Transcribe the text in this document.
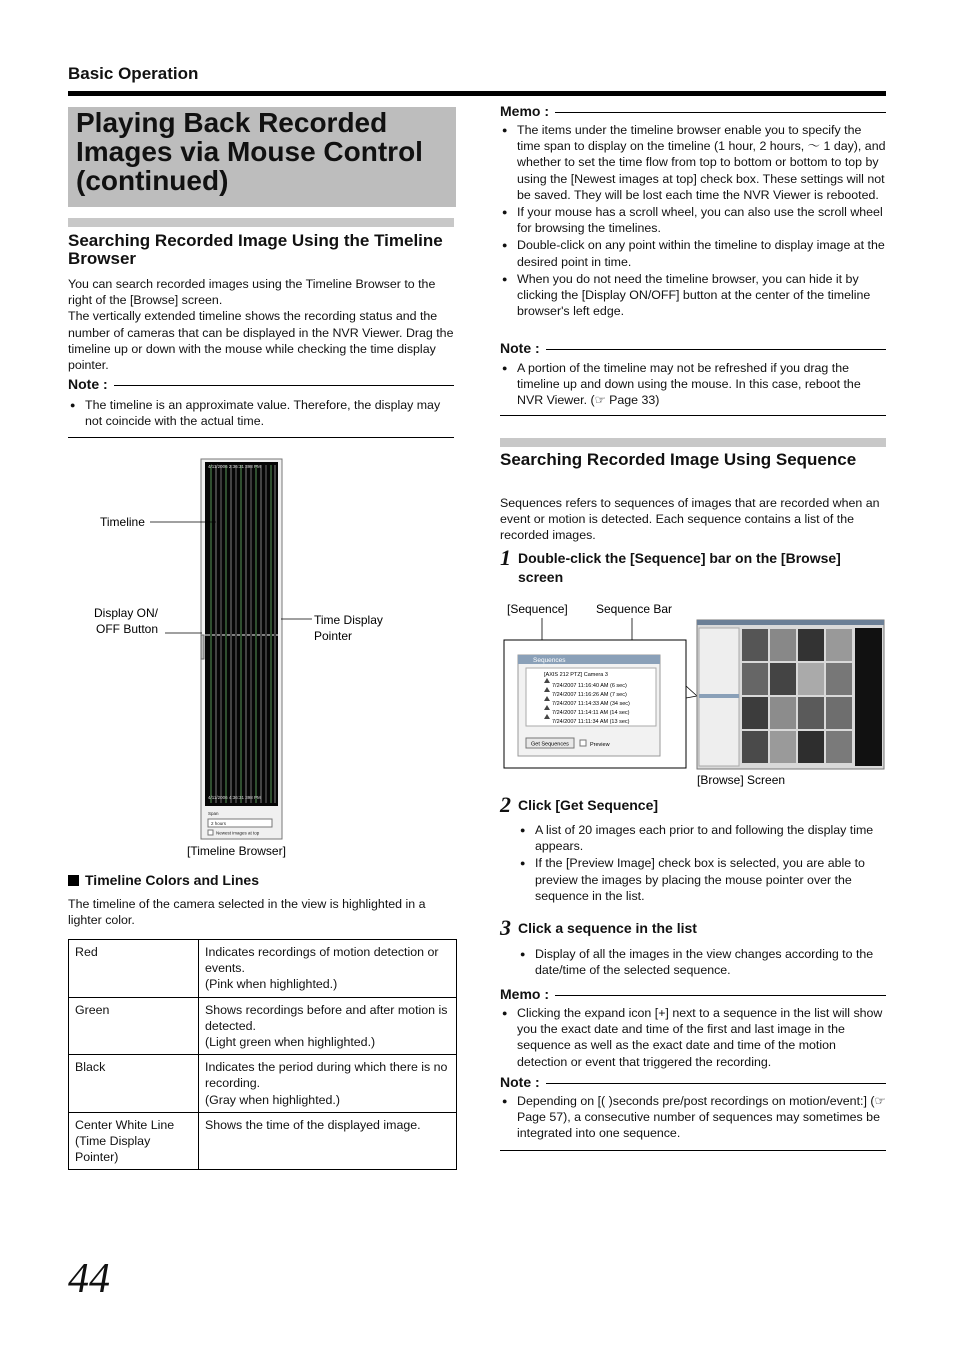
Basic Operation
Playing Back Recorded Images via Mouse Control (continued)
Searching Recorded Image Using the Timeline Browser
You can search recorded images using the Timeline Browser to the right of the [Browse] screen.
The vertically extended timeline shows the recording status and the number of cameras that can be displayed in the NVR Viewer. Drag the timeline up or down with the mouse while checking the time display pointer.
Note :
● The timeline is an approximate value. Therefore, the display may not coincide with the actual time.
4/11/2006 4:36:31 398 PM
4/11/2006 2:36:31 398 PM
Span
2 hours
Newest images at top
Timeline
Display ON/
OFF Button
Time Display
Pointer
[Timeline Browser]
Timeline Colors and Lines
The timeline of the camera selected in the view is highlighted in a lighter color.
Red	Indicates recordings of motion detection or events.
(Pink when highlighted.)

Green	Shows recordings before and after motion is detected.
(Light green when highlighted.)

Black	Indicates the period during which there is no recording.
(Gray when highlighted.)

Center White Line (Time Display Pointer)	Shows the time of the displayed image.
Memo :
● The items under the timeline browser enable you to specify the time span to display on the timeline (1 hour, 2 hours, ～ 1 day), and whether to set the time flow from top to bottom or bottom to top by using the [Newest images at top] check box. These settings will not be saved. They will be lost each time the NVR Viewer is rebooted.
● If your mouse has a scroll wheel, you can also use the scroll wheel for browsing the timelines.
● Double-click on any point within the timeline to display image at the desired point in time.
● When you do not need the timeline browser, you can hide it by clicking the [Display ON/OFF] button at the center of the timeline browser's left edge.
Note :
● A portion of the timeline may not be refreshed if you drag the timeline up and down using the mouse. In this case, reboot the NVR Viewer. (☞ Page 33)
Searching Recorded Image Using Sequence
Sequences refers to sequences of images that are recorded when an event or motion is detected. Each sequence contains a list of the recorded images.
1 Double-click the [Sequence] bar on the [Browse] screen
[Sequence] Sequence Bar
Sequences
[AXIS 212 PTZ] Camera 3
7/24/2007 11:16:40 AM (6 sec)
7/24/2007 11:16:26 AM (7 sec)
7/24/2007 11:14:33 AM (34 sec)
7/24/2007 11:14:11 AM (14 sec)
7/24/2007 11:11:34 AM (13 sec)
Get Sequences	Preview
[Browse] Screen
2 Click [Get Sequence]
● A list of 20 images each prior to and following the display time appears.
● If the [Preview Image] check box is selected, you are able to preview the images by placing the mouse pointer over the sequence in the list.
3 Click a sequence in the list
● Display of all the images in the view changes according to the date/time of the selected sequence.
Memo :
● Clicking the expand icon [+] next to a sequence in the list will show you the exact date and time of the first and last image in the sequence as well as the exact date and time of the motion detection or event that triggered the recording.
Note :
● Depending on [( )seconds pre/post recordings on motion/event:] (☞ Page 57), a consecutive number of sequences may sometimes be integrated into one sequence.
44
